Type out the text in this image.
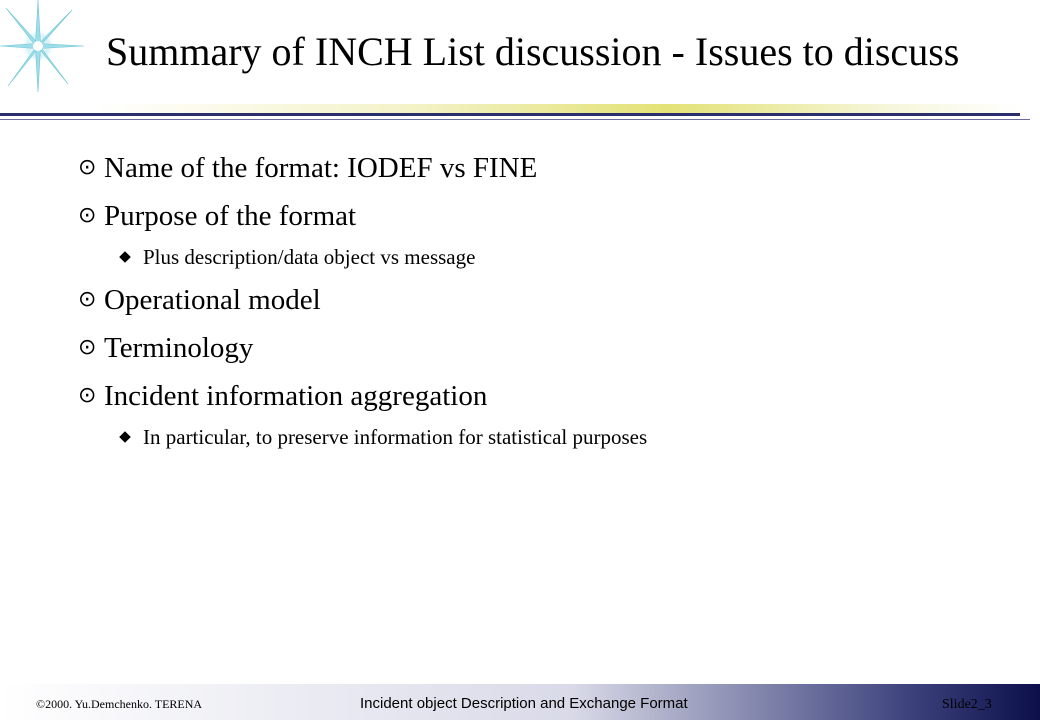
Summary of INCH List discussion - Issues to discuss
⊙ Name of the format: IODEF vs FINE
⊙ Purpose of the format
Plus description/data object vs message
⊙ Operational model
⊙ Terminology
⊙ Incident information aggregation
In particular, to preserve information for statistical purposes
©2000. Yu.Demchenko. TERENA	Incident object Description and Exchange Format	Slide2_3
